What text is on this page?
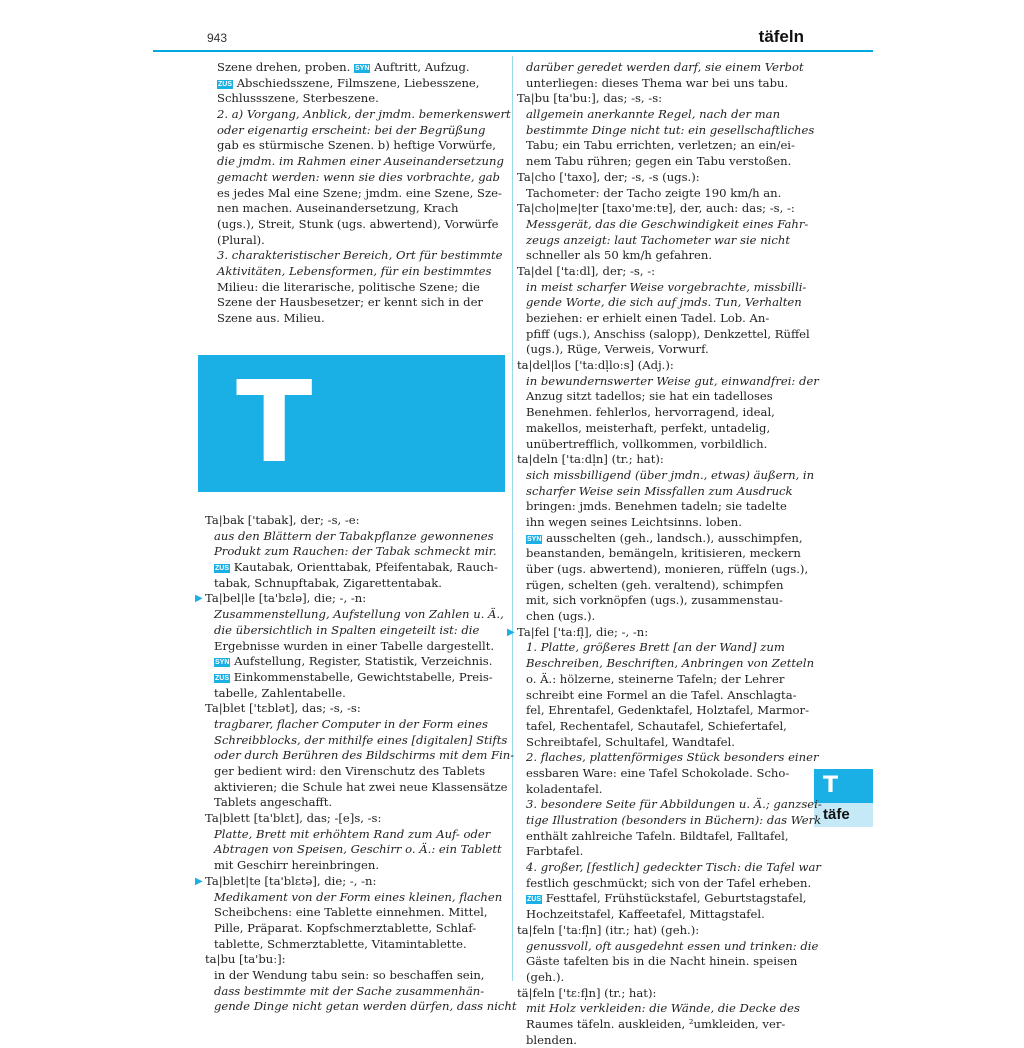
943	täfeln
T
T
täfe
Szene drehen, proben. SYN Auftritt, Aufzug.
ZUS Abschiedsszene, Filmszene, Liebesszene,
Schlussszene, Sterbeszene.
2. a) Vorgang, Anblick, der jmdm. bemerkenswert
oder eigenartig erscheint: bei der Begrüßung
gab es stürmische Szenen. b) heftige Vorwürfe,
die jmdm. im Rahmen einer Auseinandersetzung
gemacht werden: wenn sie dies vorbrachte, gab
es jedes Mal eine Szene; jmdm. eine Szene, Sze-
nen machen. Auseinandersetzung, Krach
(ugs.), Streit, Stunk (ugs. abwertend), Vorwürfe
(Plural).
3. charakteristischer Bereich, Ort für bestimmte
Aktivitäten, Lebensformen, für ein bestimmtes
Milieu: die literarische, politische Szene; die
Szene der Hausbesetzer; er kennt sich in der
Szene aus. Milieu.
Ta|bak ['tabak], der; -s, -e:
aus den Blättern der Tabakpflanze gewonnenes
Produkt zum Rauchen: der Tabak schmeckt mir.
ZUS Kautabak, Orienttabak, Pfeifentabak, Rauch-
tabak, Schnupftabak, Zigarettentabak.
▶ Ta|bel|le [ta'bɛlə], die; -, -n:
Zusammenstellung, Aufstellung von Zahlen u. Ä.,
die übersichtlich in Spalten eingeteilt ist: die
Ergebnisse wurden in einer Tabelle dargestellt.
SYN Aufstellung, Register, Statistik, Verzeichnis.
ZUS Einkommenstabelle, Gewichtstabelle, Preis-
tabelle, Zahlentabelle.
Ta|blet ['tɛblət], das; -s, -s:
tragbarer, flacher Computer in der Form eines
Schreibblocks, der mithilfe eines [digitalen] Stifts
oder durch Berühren des Bildschirms mit dem Fin-
ger bedient wird: den Virenschutz des Tablets
aktivieren; die Schule hat zwei neue Klassensätze
Tablets angeschafft.
Ta|blett [ta'blɛt], das; -[e]s, -s:
Platte, Brett mit erhöhtem Rand zum Auf- oder
Abtragen von Speisen, Geschirr o. Ä.: ein Tablett
mit Geschirr hereinbringen.
▶ Ta|blet|te [ta'blɛtə], die; -, -n:
Medikament von der Form eines kleinen, flachen
Scheibchens: eine Tablette einnehmen. Mittel,
Pille, Präparat. Kopfschmerztablette, Schlaf-
tablette, Schmerztablette, Vitamintablette.
ta|bu [ta'buː]:
in der Wendung tabu sein: so beschaffen sein,
dass bestimmte mit der Sache zusammenhän-
gende Dinge nicht getan werden dürfen, dass nicht
darüber geredet werden darf, sie einem Verbot
unterliegen: dieses Thema war bei uns tabu.
Ta|bu [ta'buː], das; -s, -s:
allgemein anerkannte Regel, nach der man
bestimmte Dinge nicht tut: ein gesellschaftliches
Tabu; ein Tabu errichten, verletzen; an ein/ei-
nem Tabu rühren; gegen ein Tabu verstoßen.
Ta|cho ['taxo], der; -s, -s (ugs.):
Tachometer: der Tacho zeigte 190 km/h an.
Ta|cho|me|ter [taxo'meːtɐ], der, auch: das; -s, -:
Messgerät, das die Geschwindigkeit eines Fahr-
zeugs anzeigt: laut Tachometer war sie nicht
schneller als 50 km/h gefahren.
Ta|del ['taːdl], der; -s, -:
in meist scharfer Weise vorgebrachte, missbilli-
gende Worte, die sich auf jmds. Tun, Verhalten
beziehen: er erhielt einen Tadel. Lob. An-
pfiff (ugs.), Anschiss (salopp), Denkzettel, Rüffel
(ugs.), Rüge, Verweis, Vorwurf.
ta|del|los ['taːdl̩loːs] (Adj.):
in bewundernswerter Weise gut, einwandfrei: der
Anzug sitzt tadellos; sie hat ein tadelloses
Benehmen. fehlerlos, hervorragend, ideal,
makellos, meisterhaft, perfekt, untadelig,
unübertrefflich, vollkommen, vorbildlich.
ta|deln ['taːdl̩n] (tr.; hat):
sich missbilligend (über jmdn., etwas) äußern, in
scharfer Weise sein Missfallen zum Ausdruck
bringen: jmds. Benehmen tadeln; sie tadelte
ihn wegen seines Leichtsinns. loben.
SYN ausschelten (geh., landsch.), ausschimpfen,
beanstanden, bemängeln, kritisieren, meckern
über (ugs. abwertend), monieren, rüffeln (ugs.),
rügen, schelten (geh. veraltend), schimpfen
mit, sich vorknöpfen (ugs.), zusammenstau-
chen (ugs.).
▶ Ta|fel ['taːfl̩], die; -, -n:
1. Platte, größeres Brett [an der Wand] zum
Beschreiben, Beschriften, Anbringen von Zetteln
o. Ä.: hölzerne, steinerne Tafeln; der Lehrer
schreibt eine Formel an die Tafel. Anschlagta-
fel, Ehrentafel, Gedenktafel, Holztafel, Marmor-
tafel, Rechentafel, Schautafel, Schiefertafel,
Schreibtafel, Schultafel, Wandtafel.
2. flaches, plattenförmiges Stück besonders einer
essbaren Ware: eine Tafel Schokolade. Scho-
koladentafel.
3. besondere Seite für Abbildungen u. Ä.; ganzsei-
tige Illustration (besonders in Büchern): das Werk
enthält zahlreiche Tafeln. Bildtafel, Falltafel,
Farbtafel.
4. großer, [festlich] gedeckter Tisch: die Tafel war
festlich geschmückt; sich von der Tafel erheben.
ZUS Festtafel, Frühstückstafel, Geburtstagstafel,
Hochzeitstafel, Kaffeetafel, Mittagstafel.
ta|feln ['taːfl̩n] (itr.; hat) (geh.):
genussvoll, oft ausgedehnt essen und trinken: die
Gäste tafelten bis in die Nacht hinein. speisen
(geh.).
tä|feln ['tɛːfl̩n] (tr.; hat):
mit Holz verkleiden: die Wände, die Decke des
Raumes täfeln. auskleiden, ²umkleiden, ver-
blenden.
